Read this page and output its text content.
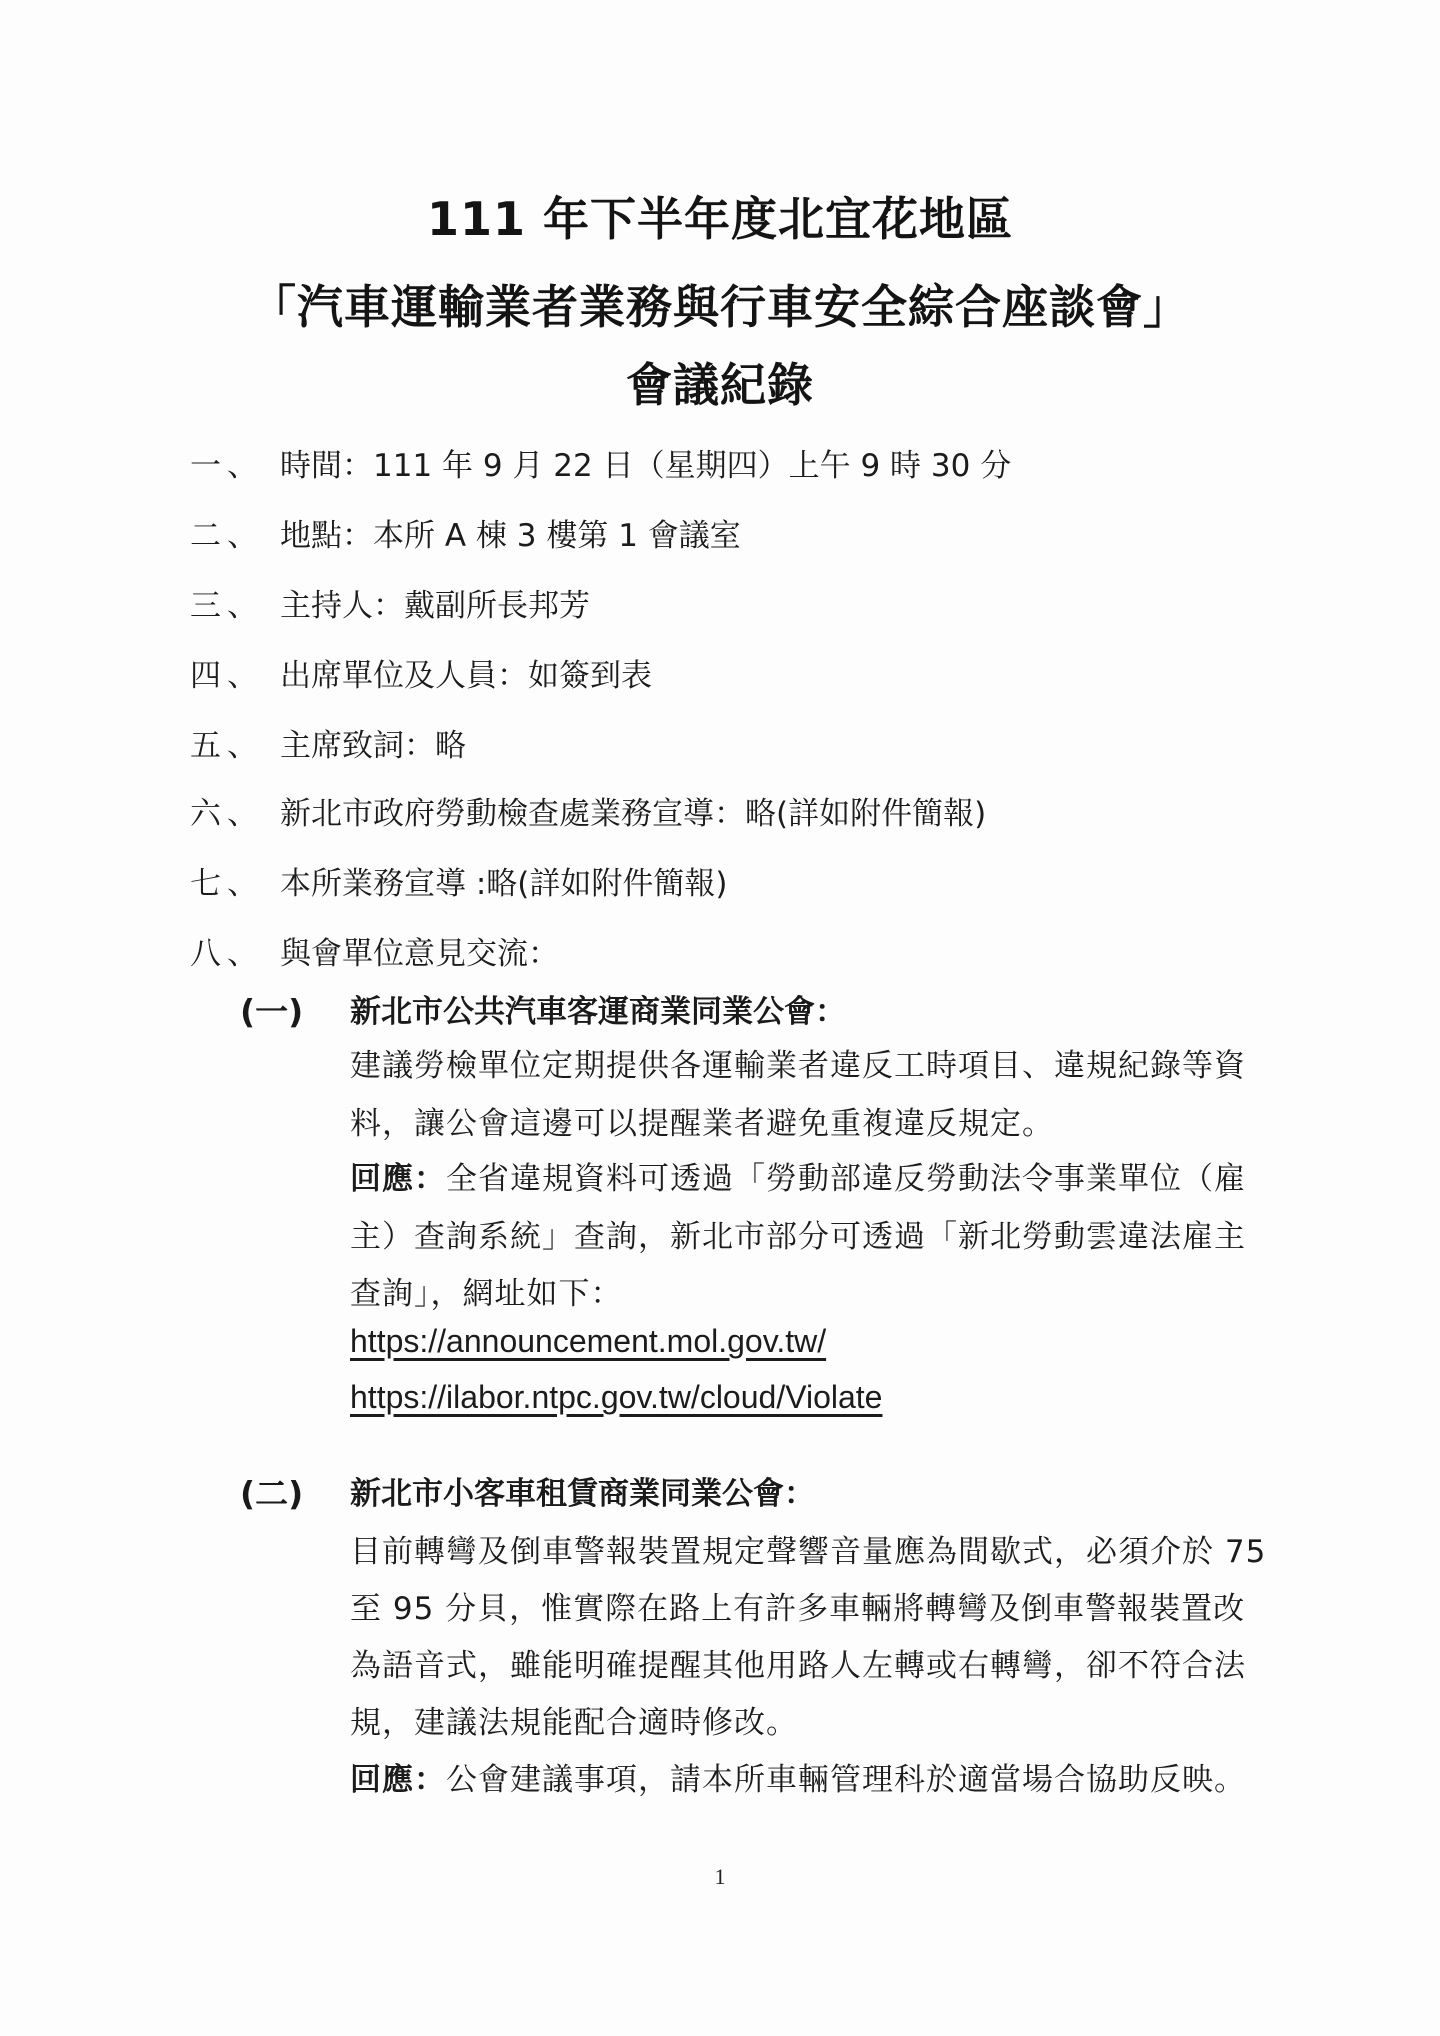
111 年下半年度北宜花地區
「汽車運輸業者業務與行車安全綜合座談會」
會議紀錄
一、 時間：111 年 9 月 22 日（星期四）上午 9 時 30 分
二、 地點：本所 A 棟 3 樓第 1 會議室
三、 主持人：戴副所長邦芳
四、 出席單位及人員：如簽到表
五、 主席致詞：略
六、 新北市政府勞動檢查處業務宣導：略(詳如附件簡報)
七、 本所業務宣導 :略(詳如附件簡報)
八、 與會單位意見交流：
(一) 新北市公共汽車客運商業同業公會：
建議勞檢單位定期提供各運輸業者違反工時項目、違規紀錄等資
料，讓公會這邊可以提醒業者避免重複違反規定。
回應：全省違規資料可透過「勞動部違反勞動法令事業單位（雇
主）查詢系統」查詢，新北市部分可透過「新北勞動雲違法雇主
查詢」，網址如下：
https://announcement.mol.gov.tw/
https://ilabor.ntpc.gov.tw/cloud/Violate
(二) 新北市小客車租賃商業同業公會：
目前轉彎及倒車警報裝置規定聲響音量應為間歇式，必須介於 75
至 95 分貝，惟實際在路上有許多車輛將轉彎及倒車警報裝置改
為語音式，雖能明確提醒其他用路人左轉或右轉彎，卻不符合法
規，建議法規能配合適時修改。
回應：公會建議事項，請本所車輛管理科於適當場合協助反映。
1
